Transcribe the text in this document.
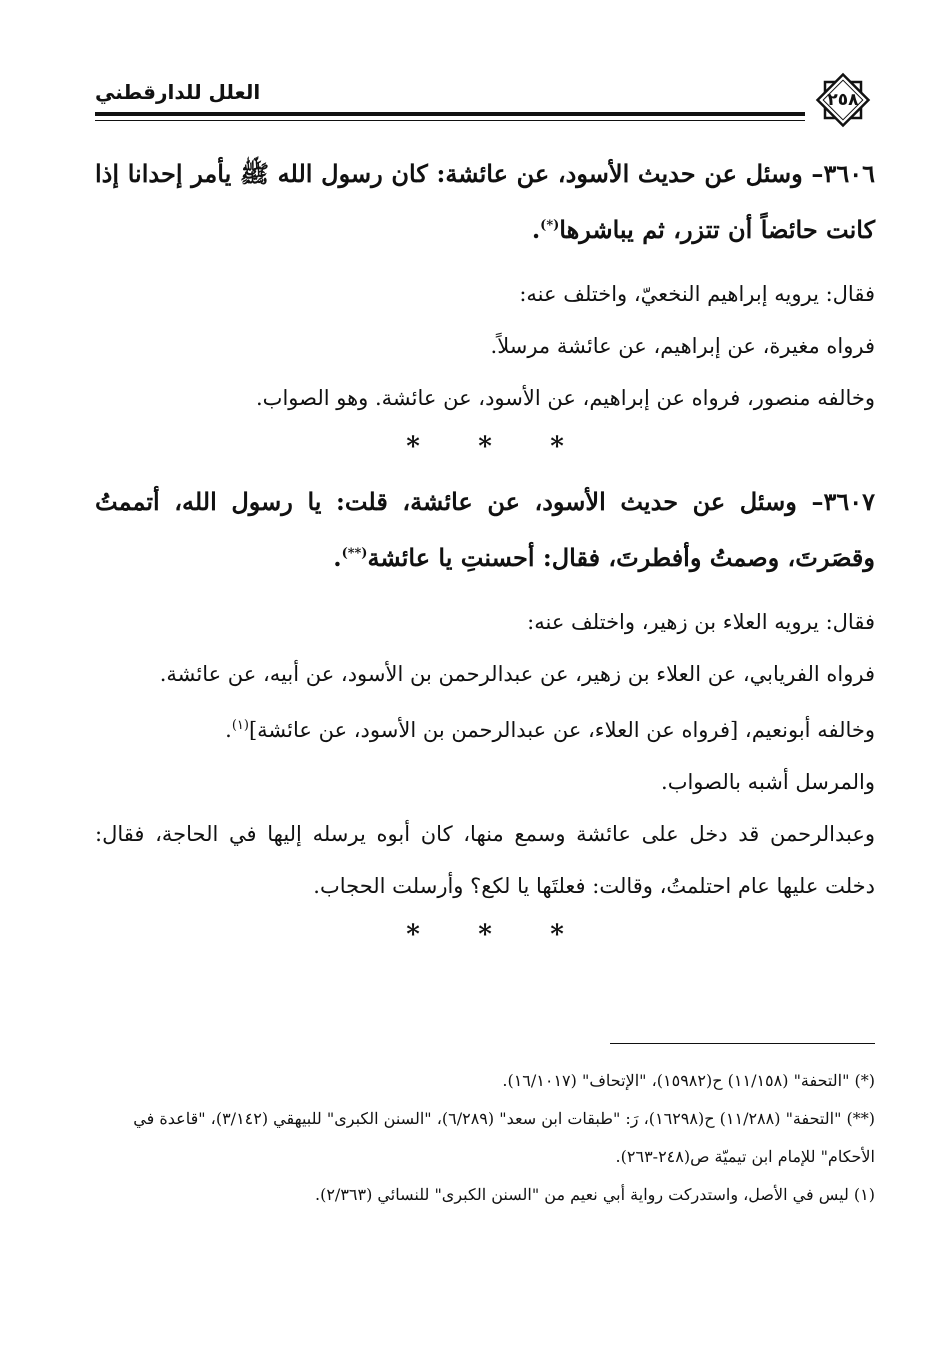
العلل للدارقطني	٢٥٨

٣٦٠٦– وسئل عن حديث الأسود، عن عائشة: كان رسول الله ﷺ يأمر إحدانا إذا كانت حائضاً أن تتزر، ثم يباشرها(*).

فقال: يرويه إبراهيم النخعيّ، واختلف عنه:

فرواه مغيرة، عن إبراهيم، عن عائشة مرسلاً.

وخالفه منصور، فرواه عن إبراهيم، عن الأسود، عن عائشة. وهو الصواب.

* * *

٣٦٠٧– وسئل عن حديث الأسود، عن عائشة، قلت: يا رسول الله، أتممتُ وقصَرتَ، وصمتُ وأفطرتَ، فقال: أحسنتِ يا عائشة(**).

فقال: يرويه العلاء بن زهير، واختلف عنه:

فرواه الفريابي، عن العلاء بن زهير، عن عبدالرحمن بن الأسود، عن أبيه، عن عائشة.

وخالفه أبونعيم، [فرواه عن العلاء، عن عبدالرحمن بن الأسود، عن عائشة]$^{(١)}$.

والمرسل أشبه بالصواب.

وعبدالرحمن قد دخل على عائشة وسمع منها، كان أبوه يرسله إليها في الحاجة، فقال: دخلت عليها عام احتلمتُ، وقالت: فعلتَها يا لكع؟ وأرسلت الحجاب.

* * *

(*) "التحفة" (١١/١٥٨) ح(١٥٩٨٢)، "الإتحاف" (١٦/١٠١٧).

(**) "التحفة" (١١/٢٨٨) ح(١٦٢٩٨)، رَ: "طبقات ابن سعد" (٦/٢٨٩)، "السنن الكبرى" للبيهقي (٣/١٤٢)، "قاعدة في الأحكام" للإمام ابن تيميّة ص(٢٤٨-٢٦٣).

(١) ليس في الأصل، واستدركت رواية أبي نعيم من "السنن الكبرى" للنسائي (٢/٣٦٣).
